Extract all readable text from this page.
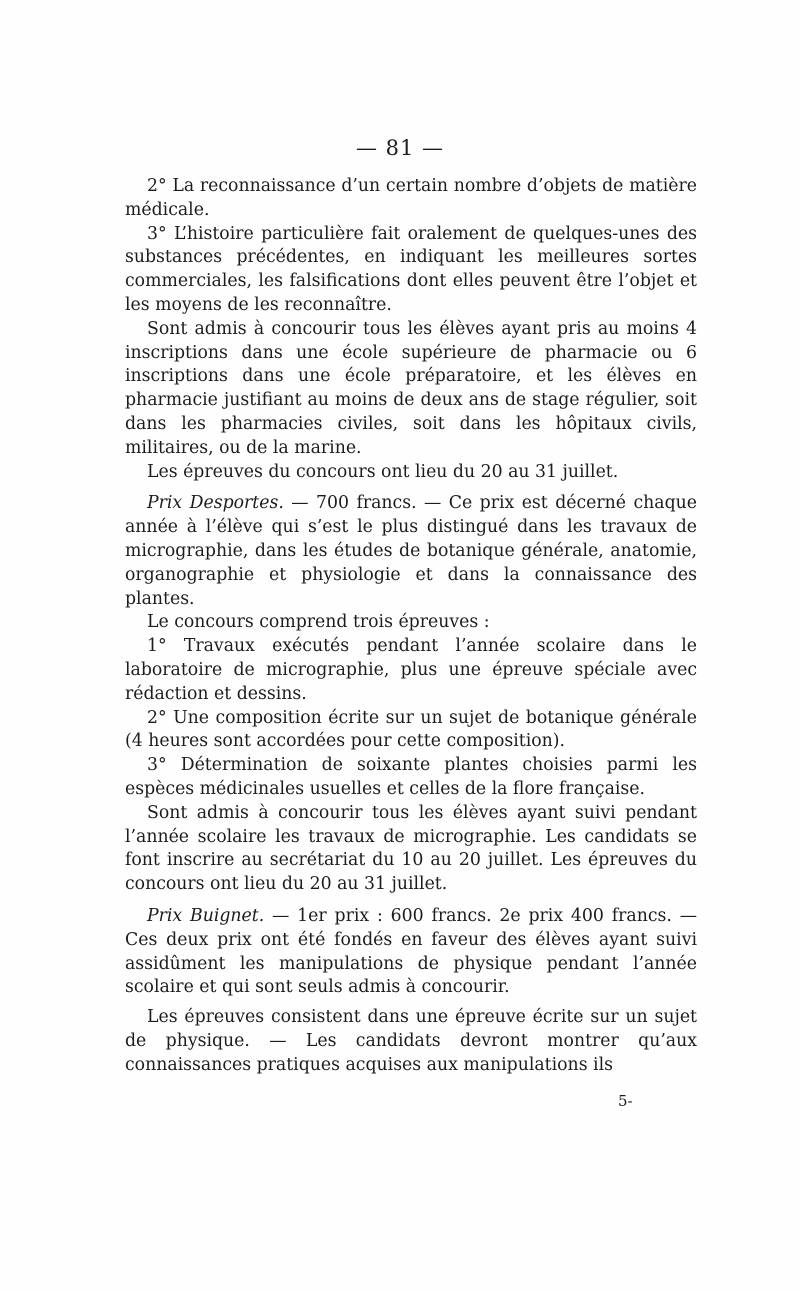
— 81 —

2° La reconnaissance d’un certain nombre d’objets de matière médicale.

3° L’histoire particulière fait oralement de quelques-unes des substances précédentes, en indiquant les meilleures sortes commerciales, les falsifications dont elles peuvent être l’objet et les moyens de les reconnaître.

Sont admis à concourir tous les élèves ayant pris au moins 4 inscriptions dans une école supérieure de pharmacie ou 6 inscriptions dans une école préparatoire, et les élèves en pharmacie justifiant au moins de deux ans de stage régulier, soit dans les pharmacies civiles, soit dans les hôpitaux civils, militaires, ou de la marine.

Les épreuves du concours ont lieu du 20 au 31 juillet.

Prix Desportes. — 700 francs. — Ce prix est décerné chaque année à l’élève qui s’est le plus distingué dans les travaux de micrographie, dans les études de botanique générale, anatomie, organographie et physiologie et dans la connaissance des plantes.

Le concours comprend trois épreuves :

1° Travaux exécutés pendant l’année scolaire dans le laboratoire de micrographie, plus une épreuve spéciale avec rédaction et dessins.

2° Une composition écrite sur un sujet de botanique générale (4 heures sont accordées pour cette composition).

3° Détermination de soixante plantes choisies parmi les espèces médicinales usuelles et celles de la flore française.

Sont admis à concourir tous les élèves ayant suivi pendant l’année scolaire les travaux de micrographie. Les candidats se font inscrire au secrétariat du 10 au 20 juillet. Les épreuves du concours ont lieu du 20 au 31 juillet.

Prix Buignet. — 1er prix : 600 francs. 2e prix 400 francs. — Ces deux prix ont été fondés en faveur des élèves ayant suivi assidûment les manipulations de physique pendant l’année scolaire et qui sont seuls admis à concourir.

Les épreuves consistent dans une épreuve écrite sur un sujet de physique. — Les candidats devront montrer qu’aux connaissances pratiques acquises aux manipulations ils

5-
